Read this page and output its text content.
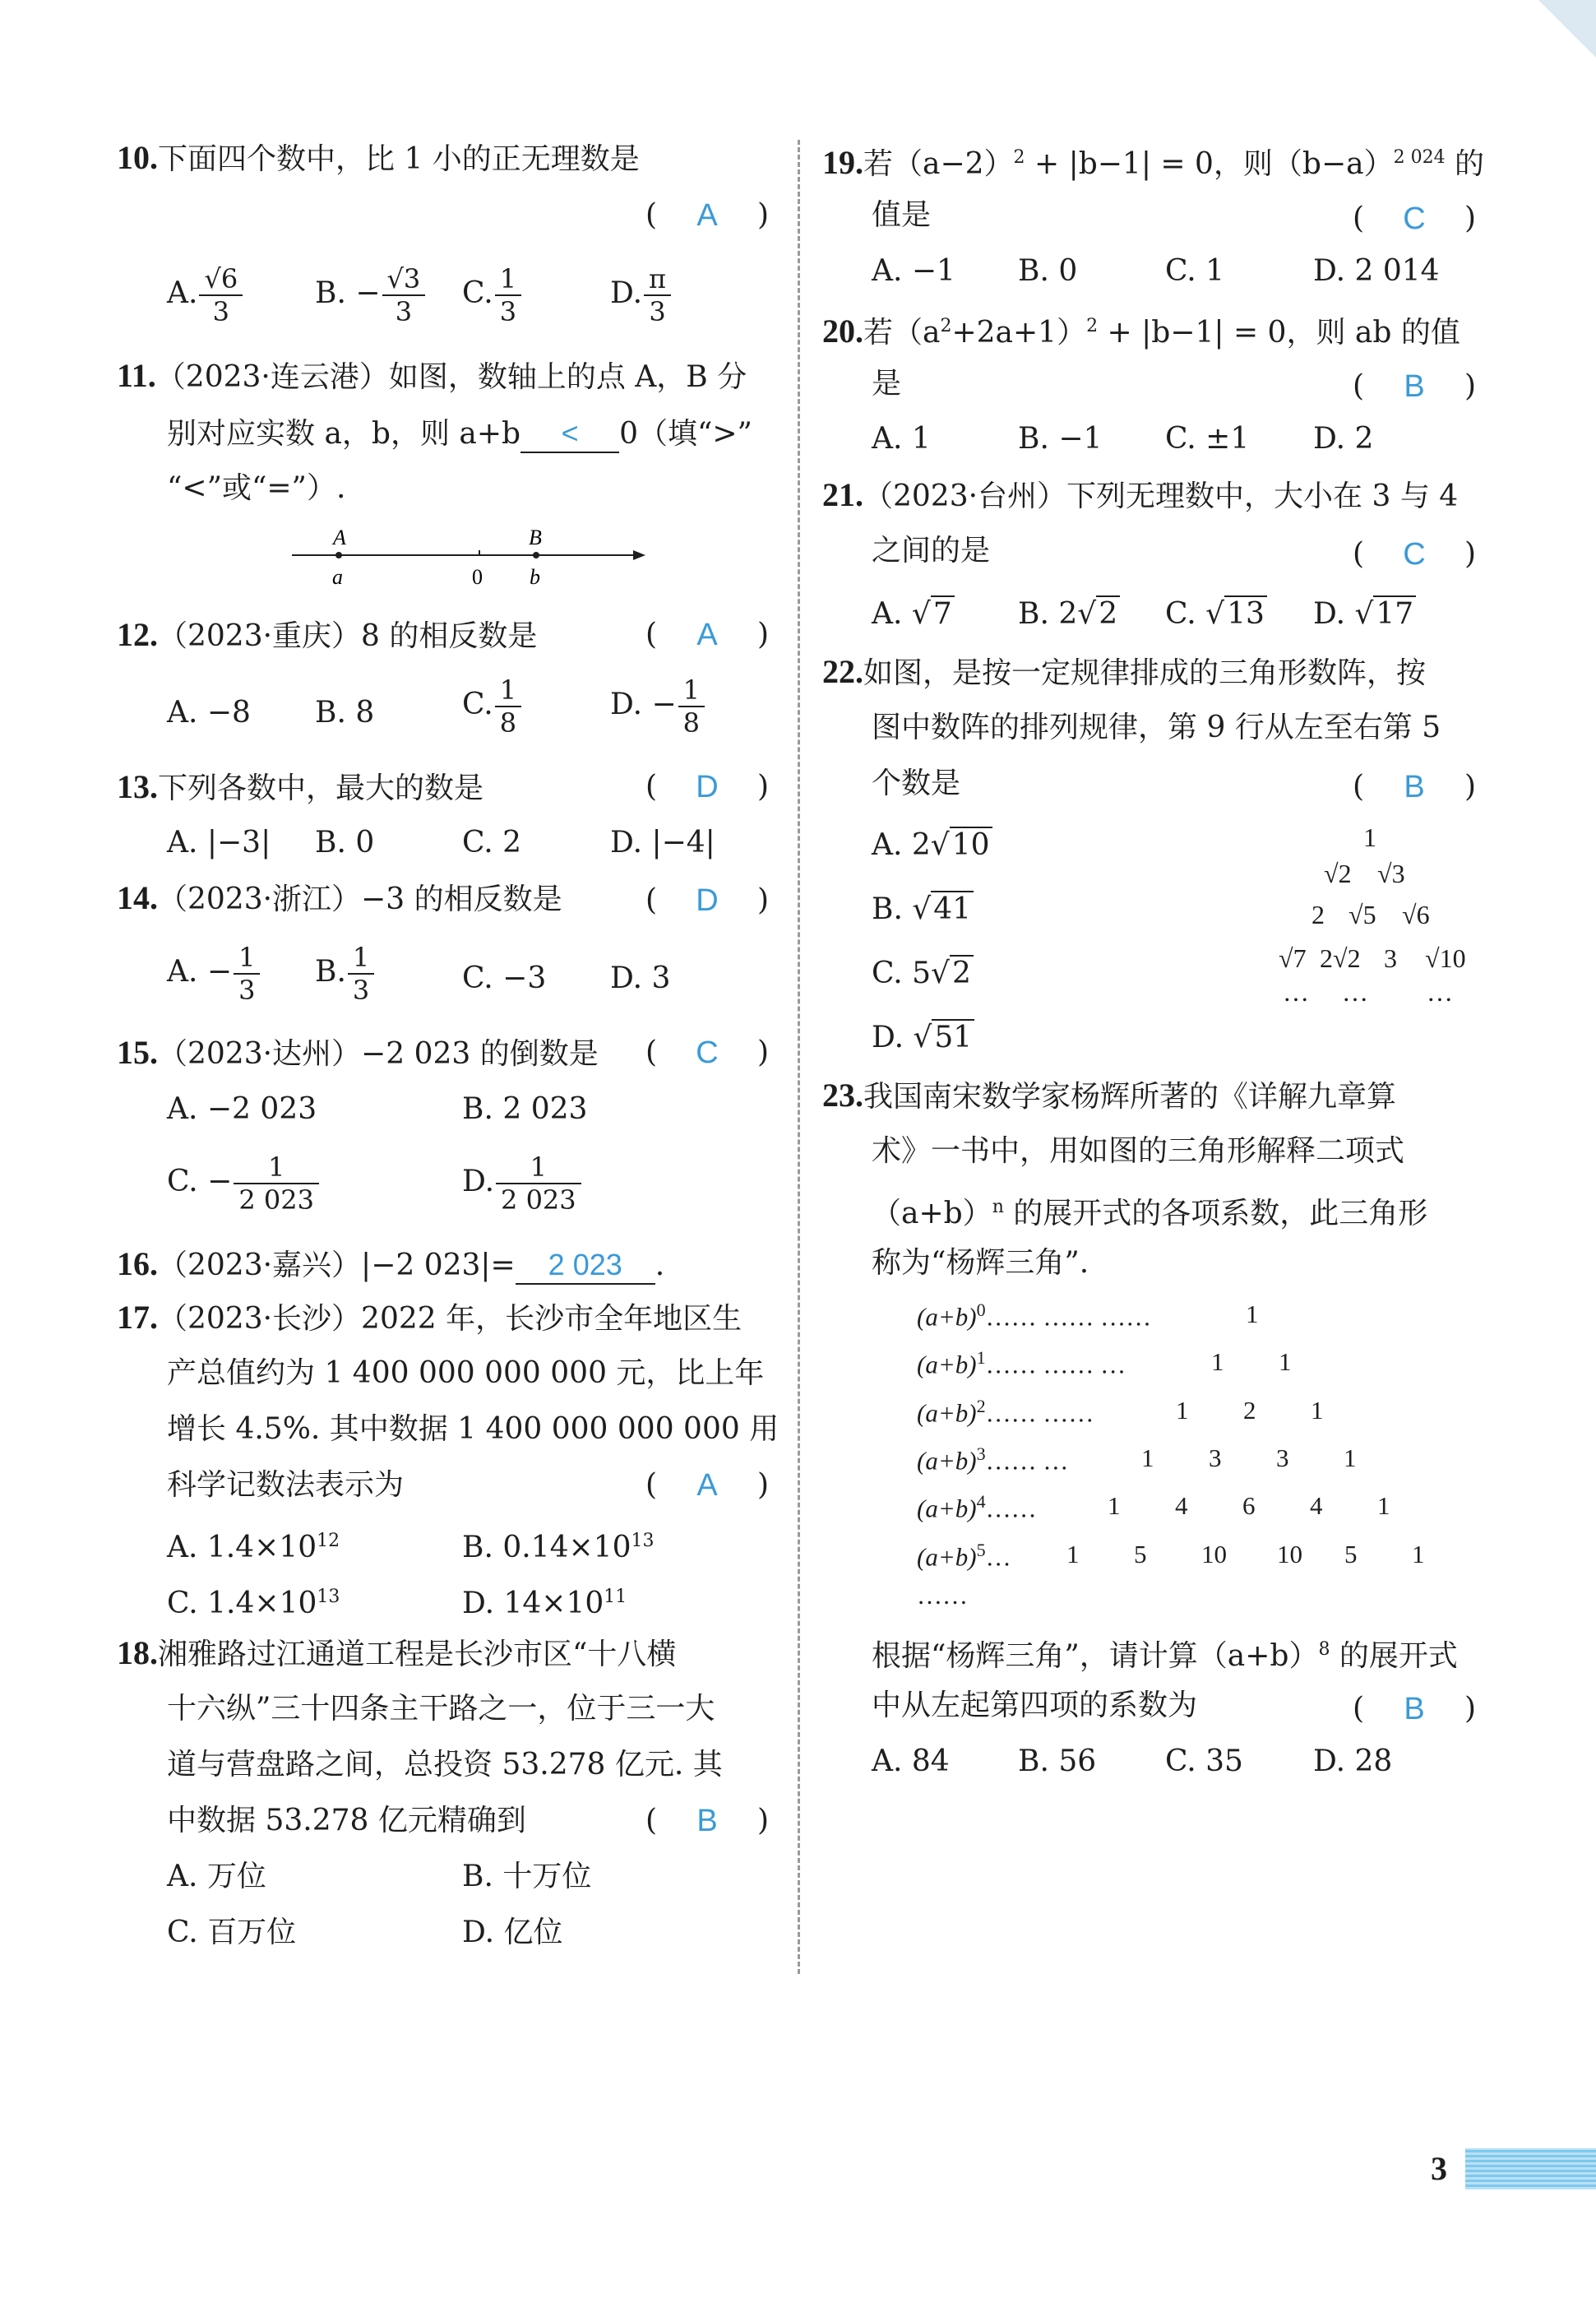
10.下面四个数中，比 1 小的正无理数是
(	A	)
A. $\frac{√6}{3} B$. − $\frac{√3}{3} C$. $\frac{1}{3}$	D. $\frac{\pi}{3}$
11.（2023·连云港）如图，数轴上的点 A，B 分
别对应实数 a，b，则 a+b < 0（填“>”
“<”或“=”）.
A
a	0
B
b
12.（2023·重庆）8 的相反数是	(	A	)
A. −8 B. 8	C. $\frac{1}{8}$	D. − $\frac{1}{8}$
13.下列各数中，最大的数是	(	D	)
A. |−3| B. 0	C. 2	D. |−4|
14.（2023·浙江）−3 的相反数是	(	D	)
A. − $\frac{1}{3} B$. $\frac{1}{3}$	C. −3 D. 3
15.（2023·达州）−2 023 的倒数是 (	C	)
A. −2 023	B. 2 023
C. − $\frac{1}{2 023}$	D. $\frac{1}{2 023}$
16.（2023·嘉兴）|−2 023|= 2 023 .
17.（2023·长沙）2022 年，长沙市全年地区生
产总值约为 1 400 000 000 000 元，比上年
增长 4.5%. 其中数据 1 400 000 000 000 用
科学记数法表示为	(	A	)
A. $1.4\times 10^{12}$	B. $0.14\times 10^{13}$
C. $1.4\times 10^{13}$	D. $14\times 10^{11}$
18.湘雅路过江通道工程是长沙市区“十八横
十六纵”三十四条主干路之一，位于三一大
道与营盘路之间，总投资 53.278 亿元. 其
中数据 53.278 亿元精确到	(	B	)
A. 万位	B. 十万位
C. 百万位	D. 亿位
19.若$(a-2)^2 + |b-1| = 0$，则$(b-a)^{2 024}$ 的
值是	(	C	)
A. −1 B. 0	C. 1	D. 2 014
20.若$(a^2+2a+1)^2 + |b-1| = 0$，则 ab 的值
是	(	B	)
A. 1	B. −1 C. ±1 D. 2
21.（2023·台州）下列无理数中，大小在 3 与 4
之间的是	(	C	)
A. √7 B. 2√2 C. √13 D. √17
22.如图，是按一定规律排成的三角形数阵，按
图中数阵的排列规律，第 9 行从左至右第 5
个数是	(	B	)
A. 2√10
B. √41
C. 5√2
D. √51
1
√2 √3
2 √5 √6
√7 2√2 3 √10
… … …
23.我国南宋数学家杨辉所著的《详解九章算
术》一书中，用如图的三角形解释二项式
$(a+b)^n$ 的展开式的各项系数，此三角形
称为“杨辉三角”.
$(a+b)^0\dots\dots$ …… ……	1
$(a+b)^1\dots\dots$ …… …	1 1
$(a+b)^2\dots\dots$ ……	1 2 1
$(a+b)^3\dots\dots$ …	1 3 3 1
$(a+b)^4\dots\dots$	1 4 6 4 1
$(a+b)^5\dots$ 1 5 10 10 5 1
……
根据“杨辉三角”，请计算$(a+b)^8$ 的展开式
中从左起第四项的系数为	(	B	)
A. 84 B. 56 C. 35 D. 28
3
